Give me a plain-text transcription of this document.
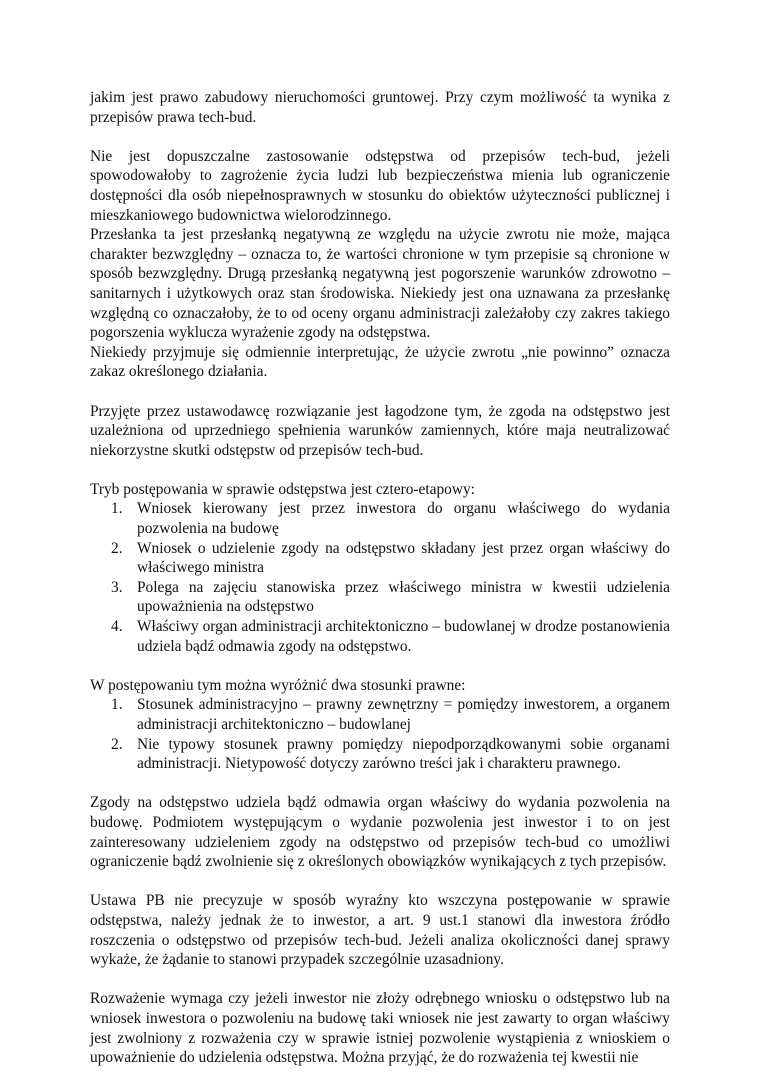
jakim jest prawo zabudowy nieruchomości gruntowej. Przy czym możliwość ta wynika z przepisów prawa tech-bud.

Nie jest dopuszczalne zastosowanie odstępstwa od przepisów tech-bud, jeżeli spowodowałoby to zagrożenie życia ludzi lub bezpieczeństwa mienia lub ograniczenie dostępności dla osób niepełnosprawnych w stosunku do obiektów użyteczności publicznej i mieszkaniowego budownictwa wielorodzinnego.

Przesłanka ta jest przesłanką negatywną ze względu na użycie zwrotu nie może, mająca charakter bezwzględny – oznacza to, że wartości chronione w tym przepisie są chronione w sposób bezwzględny. Drugą przesłanką negatywną jest pogorszenie warunków zdrowotno – sanitarnych i użytkowych oraz stan środowiska. Niekiedy jest ona uznawana za przesłankę względną co oznaczałoby, że to od oceny organu administracji zależałoby czy zakres takiego pogorszenia wyklucza wyrażenie zgody na odstępstwa.

Niekiedy przyjmuje się odmiennie interpretując, że użycie zwrotu „nie powinno” oznacza zakaz określonego działania.

Przyjęte przez ustawodawcę rozwiązanie jest łagodzone tym, że zgoda na odstępstwo jest uzależniona od uprzedniego spełnienia warunków zamiennych, które maja neutralizować niekorzystne skutki odstępstw od przepisów tech-bud.

Tryb postępowania w sprawie odstępstwa jest cztero-etapowy:

1. Wniosek kierowany jest przez inwestora do organu właściwego do wydania pozwolenia na budowę
2. Wniosek o udzielenie zgody na odstępstwo składany jest przez organ właściwy do właściwego ministra
3. Polega na zajęciu stanowiska przez właściwego ministra w kwestii udzielenia upoważnienia na odstępstwo
4. Właściwy organ administracji architektoniczno – budowlanej w drodze postanowienia udziela bądź odmawia zgody na odstępstwo.

W postępowaniu tym można wyróżnić dwa stosunki prawne:

1. Stosunek administracyjno – prawny zewnętrzny = pomiędzy inwestorem, a organem administracji architektoniczno – budowlanej
2. Nie typowy stosunek prawny pomiędzy niepodporządkowanymi sobie organami administracji. Nietypowość dotyczy zarówno treści jak i charakteru prawnego.

Zgody na odstępstwo udziela bądź odmawia organ właściwy do wydania pozwolenia na budowę. Podmiotem występującym o wydanie pozwolenia jest inwestor i to on jest zainteresowany udzieleniem zgody na odstępstwo od przepisów tech-bud co umożliwi ograniczenie bądź zwolnienie się z określonych obowiązków wynikających z tych przepisów.

Ustawa PB nie precyzuje w sposób wyraźny kto wszczyna postępowanie w sprawie odstępstwa, należy jednak że to inwestor, a art. 9 ust.1 stanowi dla inwestora źródło roszczenia o odstępstwo od przepisów tech-bud. Jeżeli analiza okoliczności danej sprawy wykaże, że żądanie to stanowi przypadek szczególnie uzasadniony.

Rozważenie wymaga czy jeżeli inwestor nie złoży odrębnego wniosku o odstępstwo lub na wniosek inwestora o pozwoleniu na budowę taki wniosek nie jest zawarty to organ właściwy jest zwolniony z rozważenia czy w sprawie istniej pozwolenie wystąpienia z wnioskiem o upoważnienie do udzielenia odstępstwa. Można przyjąć, że do rozważenia tej kwestii nie
